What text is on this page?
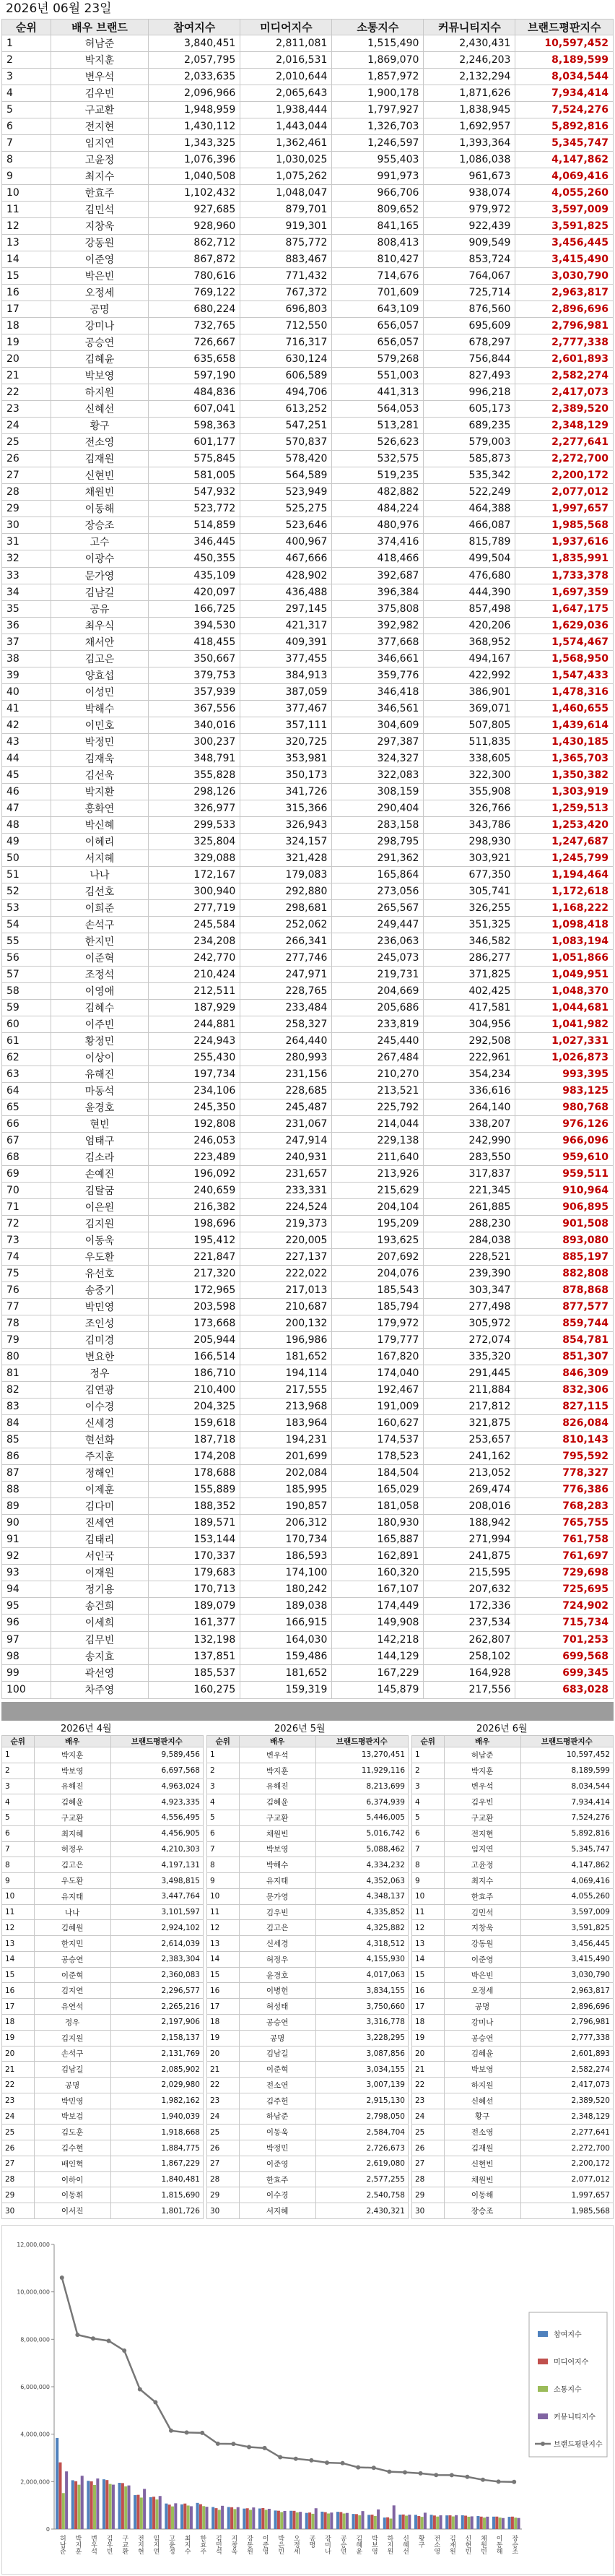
2026년 06월 23일
순위	배우 브랜드	참여지수	미디어지수	소통지수	커뮤니티지수	브랜드평판지수
1	허남준	3,840,451	2,811,081	1,515,490	2,430,431	10,597,452
2	박지훈	2,057,795	2,016,531	1,869,070	2,246,203	8,189,599
3	변우석	2,033,635	2,010,644	1,857,972	2,132,294	8,034,544
4	김우빈	2,096,966	2,065,643	1,900,178	1,871,626	7,934,414
5	구교환	1,948,959	1,938,444	1,797,927	1,838,945	7,524,276
6	전지현	1,430,112	1,443,044	1,326,703	1,692,957	5,892,816
7	임지연	1,343,325	1,362,461	1,246,597	1,393,364	5,345,747
8	고윤정	1,076,396	1,030,025	955,403	1,086,038	4,147,862
9	최지수	1,040,508	1,075,262	991,973	961,673	4,069,416
10	한효주	1,102,432	1,048,047	966,706	938,074	4,055,260
11	김민석	927,685	879,701	809,652	979,972	3,597,009
12	지창욱	928,960	919,301	841,165	922,439	3,591,825
13	강동원	862,712	875,772	808,413	909,549	3,456,445
14	이준영	867,872	883,467	810,427	853,724	3,415,490
15	박은빈	780,616	771,432	714,676	764,067	3,030,790
16	오정세	769,122	767,372	701,609	725,714	2,963,817
17	공명	680,224	696,803	643,109	876,560	2,896,696
18	강미나	732,765	712,550	656,057	695,609	2,796,981
19	공승연	726,667	716,317	656,057	678,297	2,777,338
20	김혜윤	635,658	630,124	579,268	756,844	2,601,893
21	박보영	597,190	606,589	551,003	827,493	2,582,274
22	하지원	484,836	494,706	441,313	996,218	2,417,073
23	신혜선	607,041	613,252	564,053	605,173	2,389,520
24	황구	598,363	547,251	513,281	689,235	2,348,129
25	전소영	601,177	570,837	526,623	579,003	2,277,641
26	김재원	575,845	578,420	532,575	585,873	2,272,700
27	신현빈	581,005	564,589	519,235	535,342	2,200,172
28	채원빈	547,932	523,949	482,882	522,249	2,077,012
29	이동해	523,772	525,275	484,224	464,388	1,997,657
30	장승조	514,859	523,646	480,976	466,087	1,985,568
31	고수	346,445	400,967	374,416	815,789	1,937,616
32	이광수	450,355	467,666	418,466	499,504	1,835,991
33	문가영	435,109	428,902	392,687	476,680	1,733,378
34	김남길	420,097	436,488	396,384	444,390	1,697,359
35	공유	166,725	297,145	375,808	857,498	1,647,175
36	최우식	394,530	421,317	392,982	420,206	1,629,036
37	채서안	418,455	409,391	377,668	368,952	1,574,467
38	김고은	350,667	377,455	346,661	494,167	1,568,950
39	양효섭	379,753	384,913	359,776	422,992	1,547,433
40	이성민	357,939	387,059	346,418	386,901	1,478,316
41	박해수	367,556	377,467	346,561	369,071	1,460,655
42	이민호	340,016	357,111	304,609	507,805	1,439,614
43	박정민	300,237	320,725	297,387	511,835	1,430,185
44	김재욱	348,791	353,981	324,327	338,605	1,365,703
45	김선욱	355,828	350,173	322,083	322,300	1,350,382
46	박지환	298,126	341,726	308,159	355,908	1,303,919
47	홍화연	326,977	315,366	290,404	326,766	1,259,513
48	박신혜	299,533	326,943	283,158	343,786	1,253,420
49	이혜리	325,804	324,157	298,795	298,930	1,247,687
50	서지혜	329,088	321,428	291,362	303,921	1,245,799
51	나나	172,167	179,083	165,864	677,350	1,194,464
52	김선호	300,940	292,880	273,056	305,741	1,172,618
53	이희준	277,719	298,681	265,567	326,255	1,168,222
54	손석구	245,584	252,062	249,447	351,325	1,098,418
55	한지민	234,208	266,341	236,063	346,582	1,083,194
56	이준혁	242,770	277,746	245,073	286,277	1,051,866
57	조정석	210,424	247,971	219,731	371,825	1,049,951
58	이영애	212,511	228,765	204,669	402,425	1,048,370
59	김혜수	187,929	233,484	205,686	417,581	1,044,681
60	이주빈	244,881	258,327	233,819	304,956	1,041,982
61	황정민	224,943	264,440	245,440	292,508	1,027,331
62	이상이	255,430	280,993	267,484	222,961	1,026,873
63	유해진	197,734	231,156	210,270	354,234	993,395
64	마동석	234,106	228,685	213,521	336,616	983,125
65	윤경호	245,350	245,487	225,792	264,140	980,768
66	현빈	192,808	231,067	214,044	338,207	976,126
67	엄태구	246,053	247,914	229,138	242,990	966,096
68	김소라	223,489	240,931	211,640	283,550	959,610
69	손예진	196,092	231,657	213,926	317,837	959,511
70	김탈굼	240,659	233,331	215,629	221,345	910,964
71	이은원	216,382	224,524	204,104	261,885	906,895
72	김지원	198,696	219,373	195,209	288,230	901,508
73	이동욱	195,412	220,005	193,625	284,038	893,080
74	우도환	221,847	227,137	207,692	228,521	885,197
75	유선호	217,320	222,022	204,076	239,390	882,808
76	송중기	172,965	217,013	185,543	303,347	878,868
77	박민영	203,598	210,687	185,794	277,498	877,577
78	조인성	173,668	200,132	179,972	305,972	859,744
79	김미경	205,944	196,986	179,777	272,074	854,781
80	변요한	166,514	181,652	167,820	335,320	851,307
81	정우	186,710	194,114	174,040	291,445	846,309
82	김연광	210,400	217,555	192,467	211,884	832,306
83	이수경	204,325	213,968	191,009	217,812	827,115
84	신세경	159,618	183,964	160,627	321,875	826,084
85	현선화	187,718	194,231	174,537	253,657	810,143
86	주지훈	174,208	201,699	178,523	241,162	795,592
87	정해인	178,688	202,084	184,504	213,052	778,327
88	이제훈	155,889	185,995	165,029	269,474	776,386
89	김다미	188,352	190,857	181,058	208,016	768,283
90	진세연	189,571	206,312	180,930	188,942	765,755
91	김태리	153,144	170,734	165,887	271,994	761,758
92	서인국	170,337	186,593	162,891	241,875	761,697
93	이재원	179,683	174,100	160,320	215,595	729,698
94	정기용	170,713	180,242	167,107	207,632	725,695
95	송건희	189,079	189,038	174,449	172,336	724,902
96	이세희	161,377	166,915	149,908	237,534	715,734
97	김무빈	132,198	164,030	142,218	262,807	701,253
98	송지효	137,851	159,486	144,129	258,102	699,568
99	곽선영	185,537	181,652	167,229	164,928	699,345
100	차주영	160,275	159,319	145,879	217,556	683,028
2026년 4월	2026년 5월	2026년 6월
순위	배우	브랜드평판지수
1	박지훈	9,589,456
2	박보영	6,697,568
3	유해진	4,963,024
4	김혜윤	4,923,335
5	구교환	4,556,495
6	최지혜	4,456,905
7	허정우	4,210,303
8	김고은	4,197,131
9	우도환	3,498,815
10	유지태	3,447,764
11	나나	3,101,597
12	김혜원	2,924,102
13	한지민	2,614,039
14	공승연	2,383,304
15	이준혁	2,360,083
16	김지연	2,296,577
17	유연석	2,265,216
18	정우	2,197,906
19	김지원	2,158,137
20	손석구	2,131,769
21	김남길	2,085,902
22	공명	2,029,980
23	박민영	1,982,162
24	박보검	1,940,039
25	김도훈	1,918,668
26	김수현	1,884,775
27	배인혁	1,867,229
28	이하이	1,840,481
29	이동휘	1,815,690
30	이서진	1,801,726
순위	배우	브랜드평판지수
1	변우석	13,270,451
2	박지훈	11,929,116
3	유해진	8,213,699
4	김혜윤	6,374,939
5	구교환	5,446,005
6	채원빈	5,016,742
7	박보영	5,088,462
8	박해수	4,334,232
9	유지태	4,352,063
10	문가영	4,348,137
11	김우빈	4,335,852
12	김고은	4,325,882
13	신세경	4,318,512
14	허정우	4,155,930
15	윤경호	4,017,063
16	이병헌	3,834,155
17	허성태	3,750,660
18	공승연	3,316,778
19	공명	3,228,295
20	김남길	3,087,856
21	이준혁	3,034,155
22	전소연	3,007,139
23	김주헌	2,915,130
24	하남준	2,798,050
25	이동욱	2,584,704
26	박정민	2,726,673
27	이준영	2,619,080
28	한효주	2,577,255
29	이수경	2,540,758
30	서지혜	2,430,321
순위	배우	브랜드평판지수
1	허남준	10,597,452
2	박지훈	8,189,599
3	변우석	8,034,544
4	김우빈	7,934,414
5	구교환	7,524,276
6	전지현	5,892,816
7	임지연	5,345,747
8	고윤정	4,147,862
9	최지수	4,069,416
10	한효주	4,055,260
11	김민석	3,597,009
12	지창욱	3,591,825
13	강동원	3,456,445
14	이준영	3,415,490
15	박은빈	3,030,790
16	오정세	2,963,817
17	공명	2,896,696
18	강미나	2,796,981
19	공승연	2,777,338
20	김혜윤	2,601,893
21	박보영	2,582,274
22	하지원	2,417,073
23	신혜선	2,389,520
24	황구	2,348,129
25	전소영	2,277,641
26	김재원	2,272,700
27	신현빈	2,200,172
28	채원빈	2,077,012
29	이동해	1,997,657
30	장승조	1,985,568
0
2,000,000
4,000,000
6,000,000
8,000,000
10,000,000
12,000,000
허남준 박지훈 변우석 김우빈 구교환 전지현 임지연 고윤정 최지수 한효주 김민석 지창욱 강동원 이준영 박은빈 오정세 공명 강미나 공승연 김혜윤 박보영 하지원 신혜선 황구 전소영 김재원 신현빈 채원빈 이동해 장승조
참여지수
미디어지수
소통지수
커뮤니티지수
브랜드평판지수
